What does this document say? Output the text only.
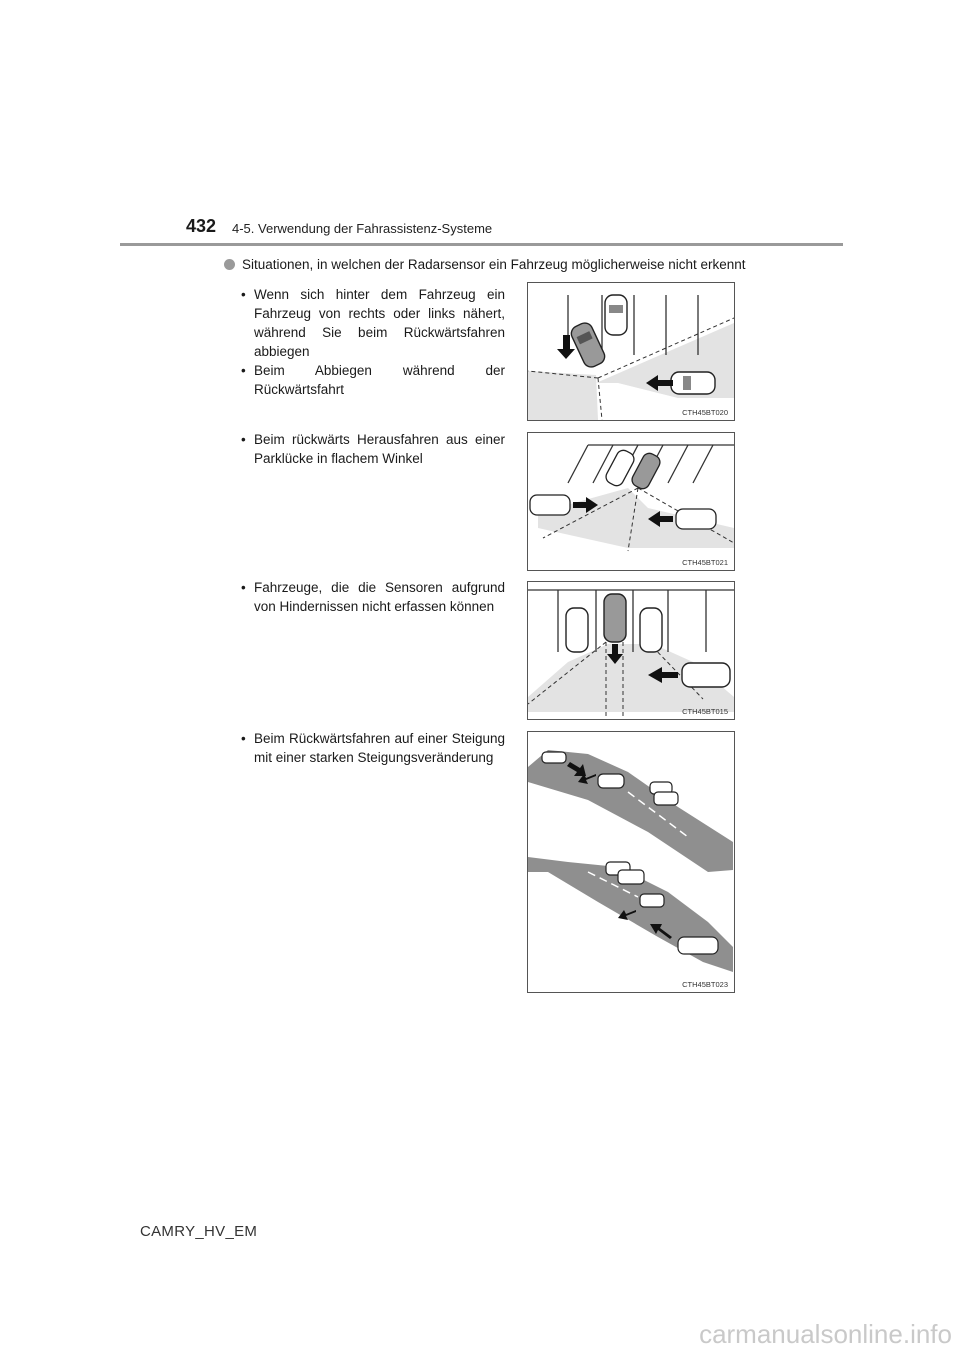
432 4-5. Verwendung der Fahrassistenz-Systeme
Situationen, in welchen der Radarsensor ein Fahrzeug möglicherweise nicht erkennt

• Wenn sich hinter dem Fahrzeug ein Fahrzeug von rechts oder links nähert, während Sie beim Rückwärtsfahren abbiegen

• Beim Abbiegen während der Rückwärtsfahrt

• Beim rückwärts Herausfahren aus einer Parklücke in flachem Winkel

• Fahrzeuge, die die Sensoren aufgrund von Hindernissen nicht erfassen können

• Beim Rückwärtsfahren auf einer Steigung mit einer starken Steigungsveränderung

CTH45BT020
CTH45BT021
CTH45BT015
CTH45BT023
CAMRY_HV_EM
carmanualsonline.info
